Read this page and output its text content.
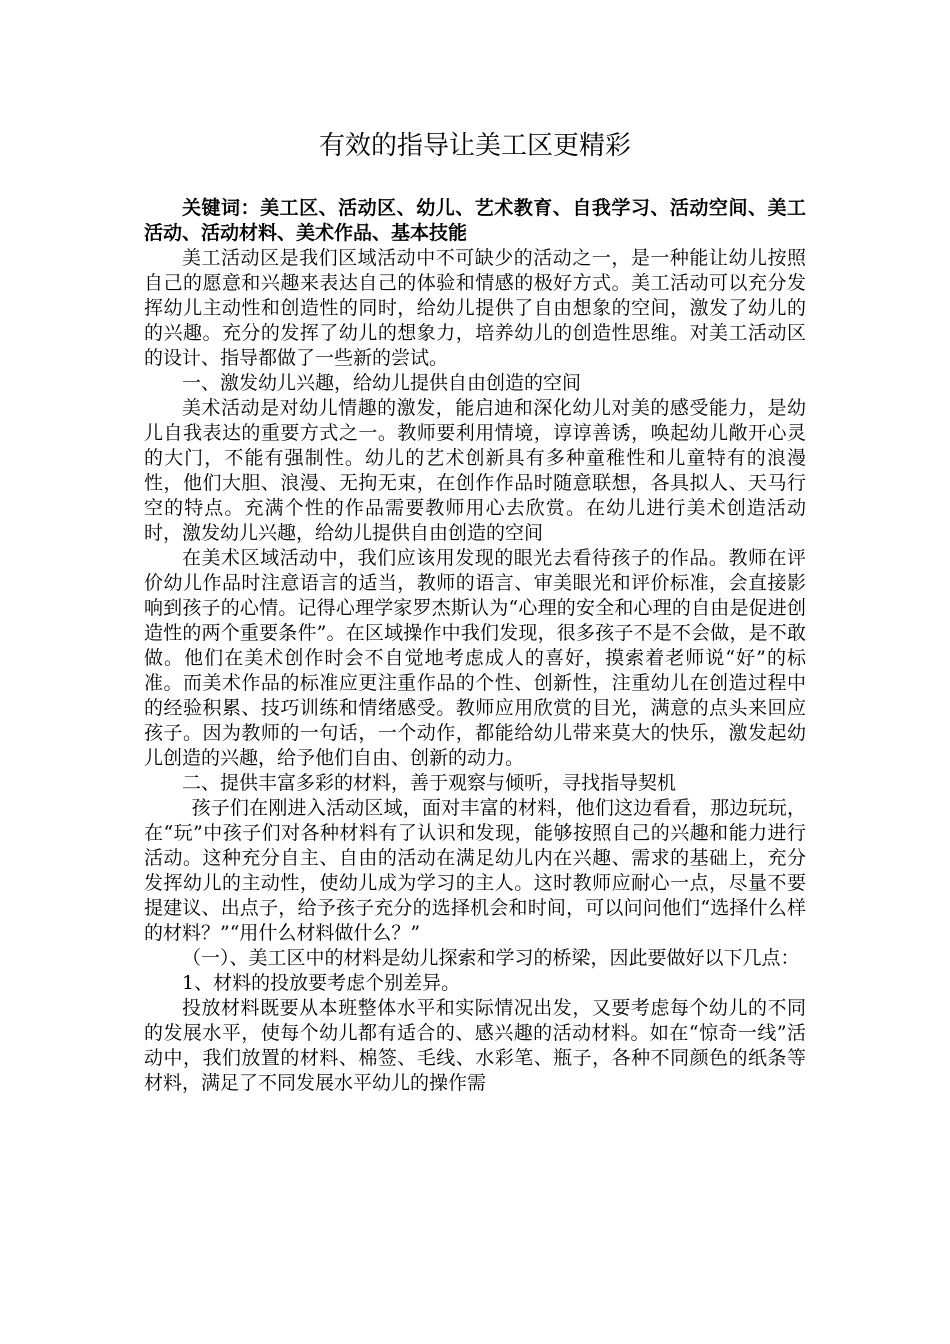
有效的指导让美工区更精彩

关键词：美工区、活动区、幼儿、艺术教育、自我学习、活动空间、美工活动、活动材料、美术作品、基本技能

美工活动区是我们区域活动中不可缺少的活动之一，是一种能让幼儿按照自己的愿意和兴趣来表达自己的体验和情感的极好方式。美工活动可以充分发挥幼儿主动性和创造性的同时，给幼儿提供了自由想象的空间，激发了幼儿的的兴趣。充分的发挥了幼儿的想象力，培养幼儿的创造性思维。对美工活动区的设计、指导都做了一些新的尝试。

一、激发幼儿兴趣，给幼儿提供自由创造的空间

美术活动是对幼儿情趣的激发，能启迪和深化幼儿对美的感受能力，是幼儿自我表达的重要方式之一。教师要利用情境，谆谆善诱，唤起幼儿敞开心灵的大门，不能有强制性。幼儿的艺术创新具有多种童稚性和儿童特有的浪漫性，他们大胆、浪漫、无拘无束，在创作作品时随意联想，各具拟人、天马行空的特点。充满个性的作品需要教师用心去欣赏。在幼儿进行美术创造活动时，激发幼儿兴趣，给幼儿提供自由创造的空间

在美术区域活动中，我们应该用发现的眼光去看待孩子的作品。教师在评价幼儿作品时注意语言的适当，教师的语言、审美眼光和评价标准，会直接影响到孩子的心情。记得心理学家罗杰斯认为“心理的安全和心理的自由是促进创造性的两个重要条件”。在区域操作中我们发现，很多孩子不是不会做，是不敢做。他们在美术创作时会不自觉地考虑成人的喜好，摸索着老师说“好”的标准。而美术作品的标准应更注重作品的个性、创新性，注重幼儿在创造过程中的经验积累、技巧训练和情绪感受。教师应用欣赏的目光，满意的点头来回应孩子。因为教师的一句话，一个动作，都能给幼儿带来莫大的快乐，激发起幼儿创造的兴趣，给予他们自由、创新的动力。

二、提供丰富多彩的材料，善于观察与倾听，寻找指导契机

孩子们在刚进入活动区域，面对丰富的材料，他们这边看看，那边玩玩，在“玩”中孩子们对各种材料有了认识和发现，能够按照自己的兴趣和能力进行活动。这种充分自主、自由的活动在满足幼儿内在兴趣、需求的基础上，充分发挥幼儿的主动性，使幼儿成为学习的主人。这时教师应耐心一点，尽量不要提建议、出点子，给予孩子充分的选择机会和时间，可以问问他们“选择什么样的材料？”“用什么材料做什么？”

（一）、美工区中的材料是幼儿探索和学习的桥梁，因此要做好以下几点：

1、材料的投放要考虑个别差异。

投放材料既要从本班整体水平和实际情况出发，又要考虑每个幼儿的不同的发展水平，使每个幼儿都有适合的、感兴趣的活动材料。如在“惊奇一线”活动中，我们放置的材料、棉签、毛线、水彩笔、瓶子，各种不同颜色的纸条等材料，满足了不同发展水平幼儿的操作需
